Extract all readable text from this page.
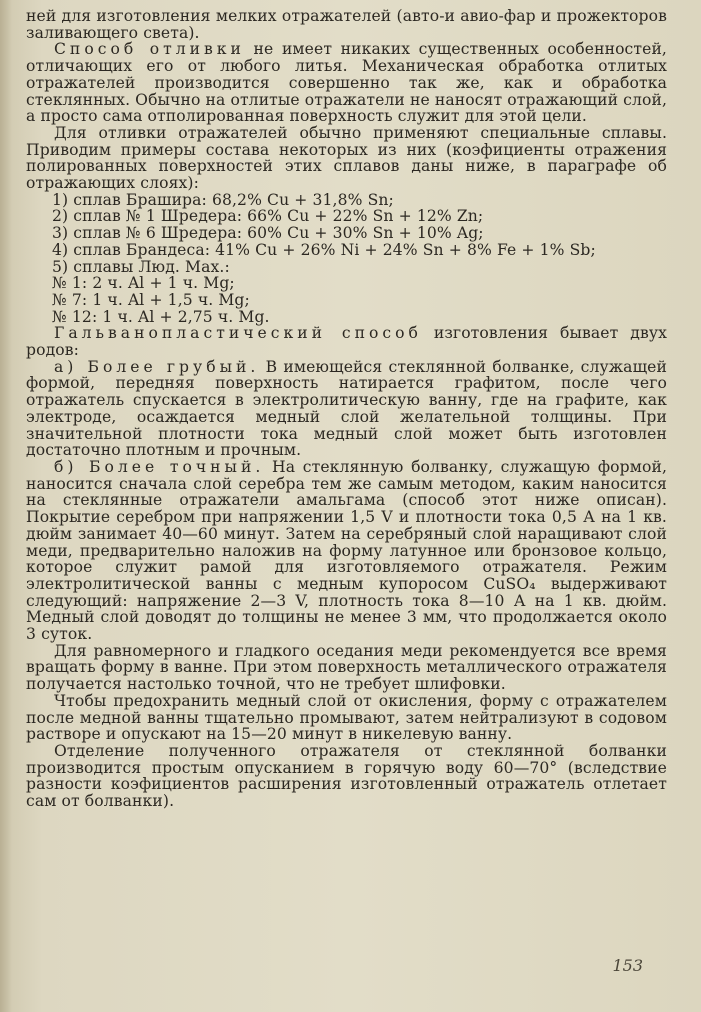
ней для изготовления мелких отражателей (авто-и авио-фар и прожекторов заливающего света).

Способ отливки не имеет никаких существенных особенностей, отличающих его от любого литья. Механическая обработка отлитых отражателей производится совершенно так же, как и обработка стеклянных. Обычно на отлитые отражатели не наносят отражающий слой, а просто сама отполированная поверхность служит для этой цели.

Для отливки отражателей обычно применяют специальные сплавы. Приводим примеры состава некоторых из них (коэфициенты отражения полированных поверхностей этих сплавов даны ниже, в параграфе об отражающих слоях):

1) сплав Брашира: 68,2% Cu + 31,8% Sn;

2) сплав № 1 Шредера: 66% Cu + 22% Sn + 12% Zn;

3) сплав № 6 Шредера: 60% Cu + 30% Sn + 10% Ag;

4) сплав Брандеса: 41% Cu + 26% Ni + 24% Sn + 8% Fe + 1% Sb;

5) сплавы Люд. Мах.:

№ 1: 2 ч. Al + 1 ч. Mg;

№ 7: 1 ч. Al + 1,5 ч. Mg;

№ 12: 1 ч. Al + 2,75 ч. Mg.

Гальванопластический способ изготовления бывает двух родов:

а) Более грубый. В имеющейся стеклянной болванке, служащей формой, передняя поверхность натирается графитом, после чего отражатель спускается в электролитическую ванну, где на графите, как электроде, осаждается медный слой желательной толщины. При значительной плотности тока медный слой может быть изготовлен достаточно плотным и прочным.

б) Более точный. На стеклянную болванку, служащую формой, наносится сначала слой серебра тем же самым методом, каким наносится на стеклянные отражатели амальгама (способ этот ниже описан). Покрытие серебром при напряжении 1,5 V и плотности тока 0,5 А на 1 кв. дюйм занимает 40—60 минут. Затем на серебряный слой наращивают слой меди, предварительно наложив на форму латунное или бронзовое кольцо, которое служит рамой для изготовляемого отражателя. Режим электролитической ванны с медным купоросом CuSO₄ выдерживают следующий: напряжение 2—3 V, плотность тока 8—10 А на 1 кв. дюйм. Медный слой доводят до толщины не менее 3 мм, что продолжается около 3 суток.

Для равномерного и гладкого оседания меди рекомендуется все время вращать форму в ванне. При этом поверхность металлического отражателя получается настолько точной, что не требует шлифовки.

Чтобы предохранить медный слой от окисления, форму с отражателем после медной ванны тщательно промывают, затем нейтрализуют в содовом растворе и опускают на 15—20 минут в никелевую ванну.

Отделение полученного отражателя от стеклянной болванки производится простым опусканием в горячую воду 60—70° (вследствие разности коэфициентов расширения изготовленный отражатель отлетает сам от болванки).

153
